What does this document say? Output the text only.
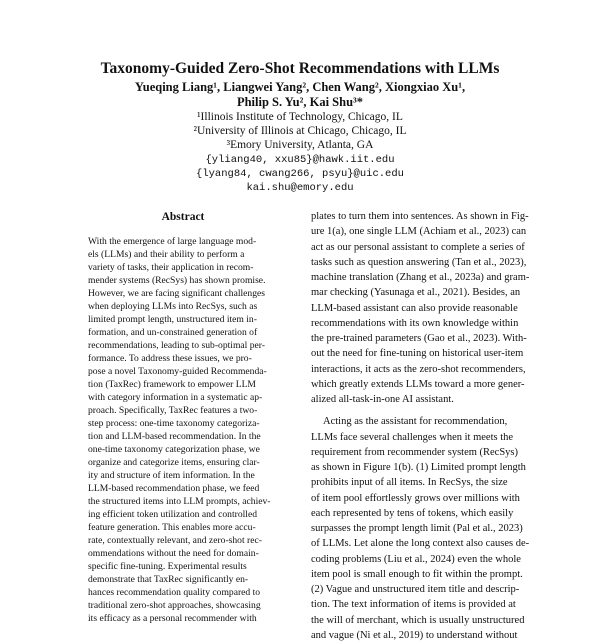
Taxonomy-Guided Zero-Shot Recommendations with LLMs
Yueqing Liang¹, Liangwei Yang², Chen Wang², Xiongxiao Xu¹,
Philip S. Yu², Kai Shu³*
¹Illinois Institute of Technology, Chicago, IL
²University of Illinois at Chicago, Chicago, IL
³Emory University, Atlanta, GA
{yliang40, xxu85}@hawk.iit.edu
{lyang84, cwang266, psyu}@uic.edu
kai.shu@emory.edu
Abstract
With the emergence of large language mod-
els (LLMs) and their ability to perform a
variety of tasks, their application in recom-
mender systems (RecSys) has shown promise.
However, we are facing significant challenges
when deploying LLMs into RecSys, such as
limited prompt length, unstructured item in-
formation, and un-constrained generation of
recommendations, leading to sub-optimal per-
formance. To address these issues, we pro-
pose a novel Taxonomy-guided Recommenda-
tion (TaxRec) framework to empower LLM
with category information in a systematic ap-
proach. Specifically, TaxRec features a two-
step process: one-time taxonomy categoriza-
tion and LLM-based recommendation. In the
one-time taxonomy categorization phase, we
organize and categorize items, ensuring clar-
ity and structure of item information. In the
LLM-based recommendation phase, we feed
the structured items into LLM prompts, achiev-
ing efficient token utilization and controlled
feature generation. This enables more accu-
rate, contextually relevant, and zero-shot rec-
ommendations without the need for domain-
specific fine-tuning. Experimental results
demonstrate that TaxRec significantly en-
hances recommendation quality compared to
traditional zero-shot approaches, showcasing
its efficacy as a personal recommender with
plates to turn them into sentences. As shown in Fig-
ure 1(a), one single LLM (Achiam et al., 2023) can
act as our personal assistant to complete a series of
tasks such as question answering (Tan et al., 2023),
machine translation (Zhang et al., 2023a) and gram-
mar checking (Yasunaga et al., 2021). Besides, an
LLM-based assistant can also provide reasonable
recommendations with its own knowledge within
the pre-trained parameters (Gao et al., 2023). With-
out the need for fine-tuning on historical user-item
interactions, it acts as the zero-shot recommenders,
which greatly extends LLMs toward a more gener-
alized all-task-in-one AI assistant.
Acting as the assistant for recommendation,
LLMs face several challenges when it meets the
requirement from recommender system (RecSys)
as shown in Figure 1(b). (1) Limited prompt length
prohibits input of all items. In RecSys, the size
of item pool effortlessly grows over millions with
each represented by tens of tokens, which easily
surpasses the prompt length limit (Pal et al., 2023)
of LLMs. Let alone the long context also causes de-
coding problems (Liu et al., 2024) even the whole
item pool is small enough to fit within the prompt.
(2) Vague and unstructured item title and descrip-
tion. The text information of items is provided at
the will of merchant, which is usually unstructured
and vague (Ni et al., 2019) to understand without
